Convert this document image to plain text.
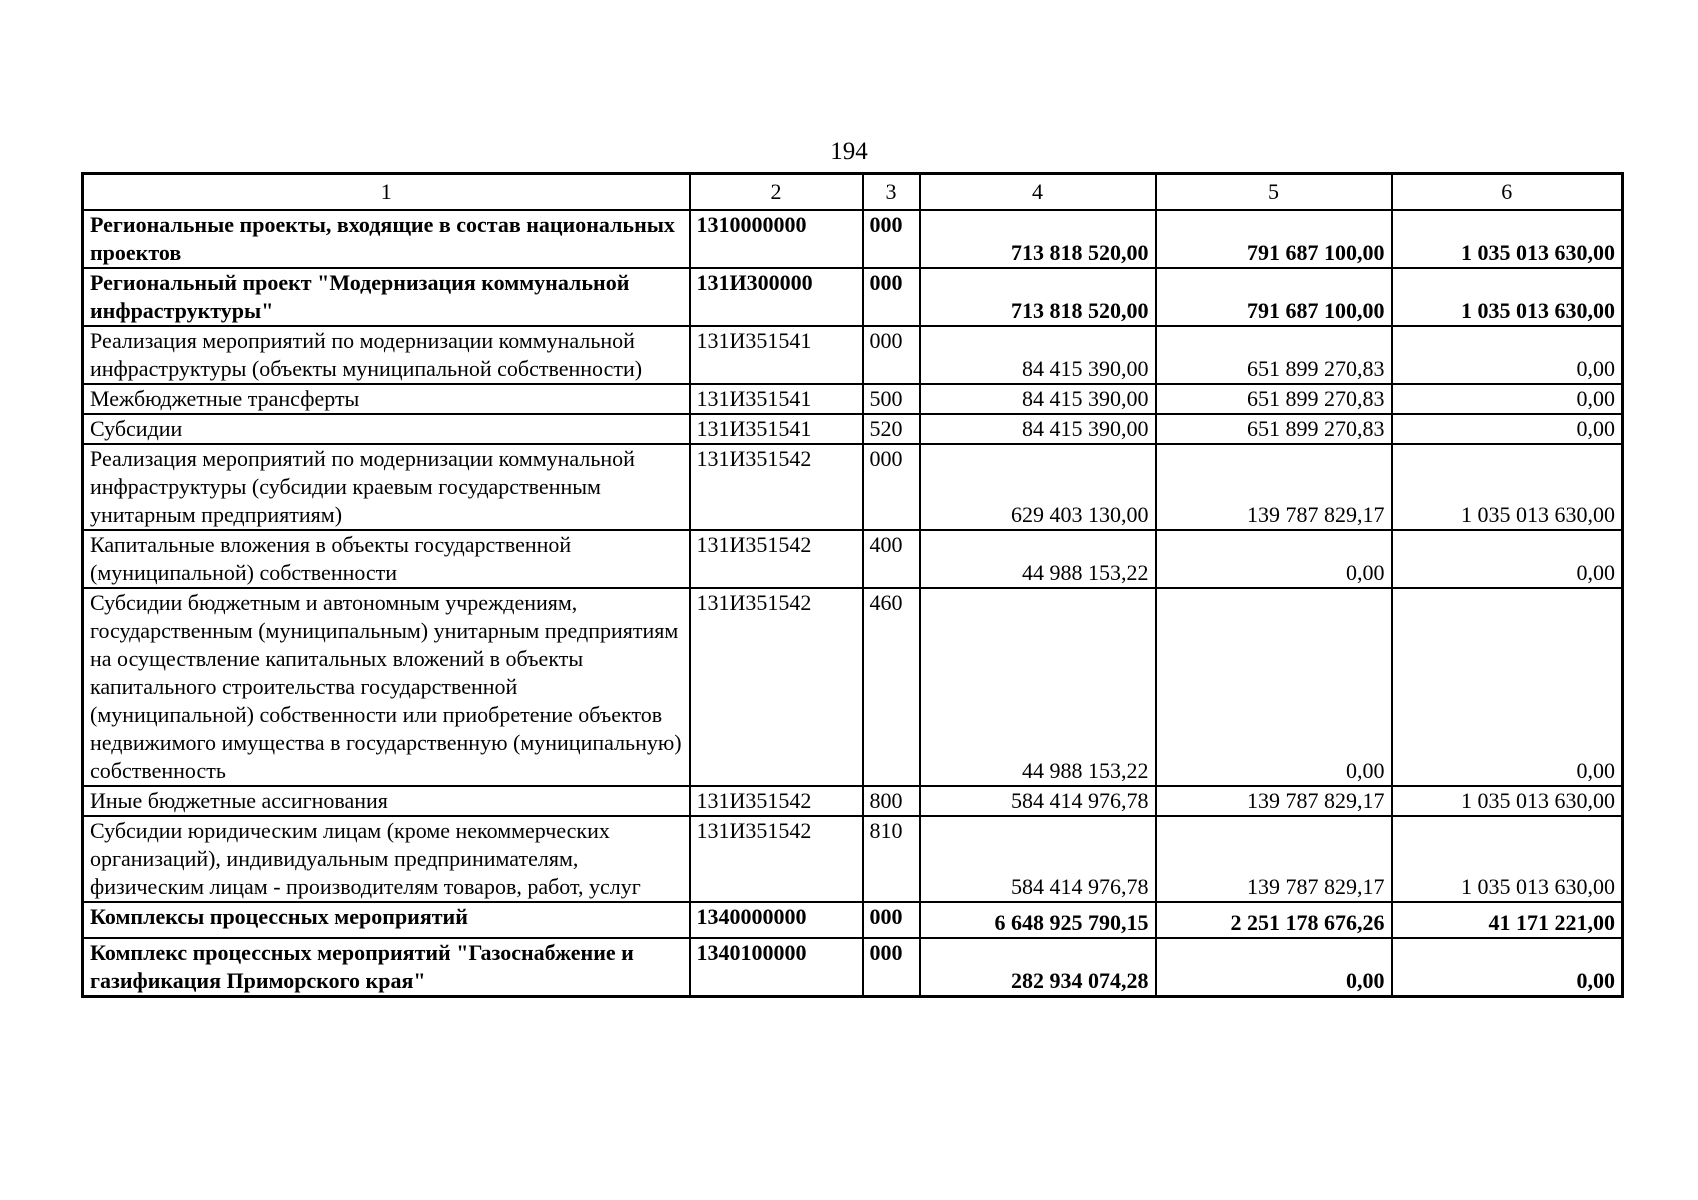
194
1	2	3	4	5	6
Региональные проекты, входящие в состав национальных проектов	1310000000	000	713 818 520,00	791 687 100,00	1 035 013 630,00
Региональный проект "Модернизация коммунальной инфраструктуры"	131И300000	000	713 818 520,00	791 687 100,00	1 035 013 630,00
Реализация мероприятий по модернизации коммунальной инфраструктуры (объекты муниципальной собственности)	131И351541	000	84 415 390,00	651 899 270,83	0,00
Межбюджетные трансферты	131И351541	500	84 415 390,00	651 899 270,83	0,00
Субсидии	131И351541	520	84 415 390,00	651 899 270,83	0,00
Реализация мероприятий по модернизации коммунальной инфраструктуры (субсидии краевым государственным унитарным предприятиям)	131И351542	000	629 403 130,00	139 787 829,17	1 035 013 630,00
Капитальные вложения в объекты государственной (муниципальной) собственности	131И351542	400	44 988 153,22	0,00	0,00
Субсидии бюджетным и автономным учреждениям, государственным (муниципальным) унитарным предприятиям на осуществление капитальных вложений в объекты капитального строительства государственной (муниципальной) собственности или приобретение объектов недвижимого имущества в государственную (муниципальную) собственность	131И351542	460	44 988 153,22	0,00	0,00
Иные бюджетные ассигнования	131И351542	800	584 414 976,78	139 787 829,17	1 035 013 630,00
Субсидии юридическим лицам (кроме некоммерческих организаций), индивидуальным предпринимателям, физическим лицам - производителям товаров, работ, услуг	131И351542	810	584 414 976,78	139 787 829,17	1 035 013 630,00
Комплексы процессных мероприятий	1340000000	000	6 648 925 790,15	2 251 178 676,26	41 171 221,00
Комплекс процессных мероприятий "Газоснабжение и газификация Приморского края"	1340100000	000	282 934 074,28	0,00	0,00
